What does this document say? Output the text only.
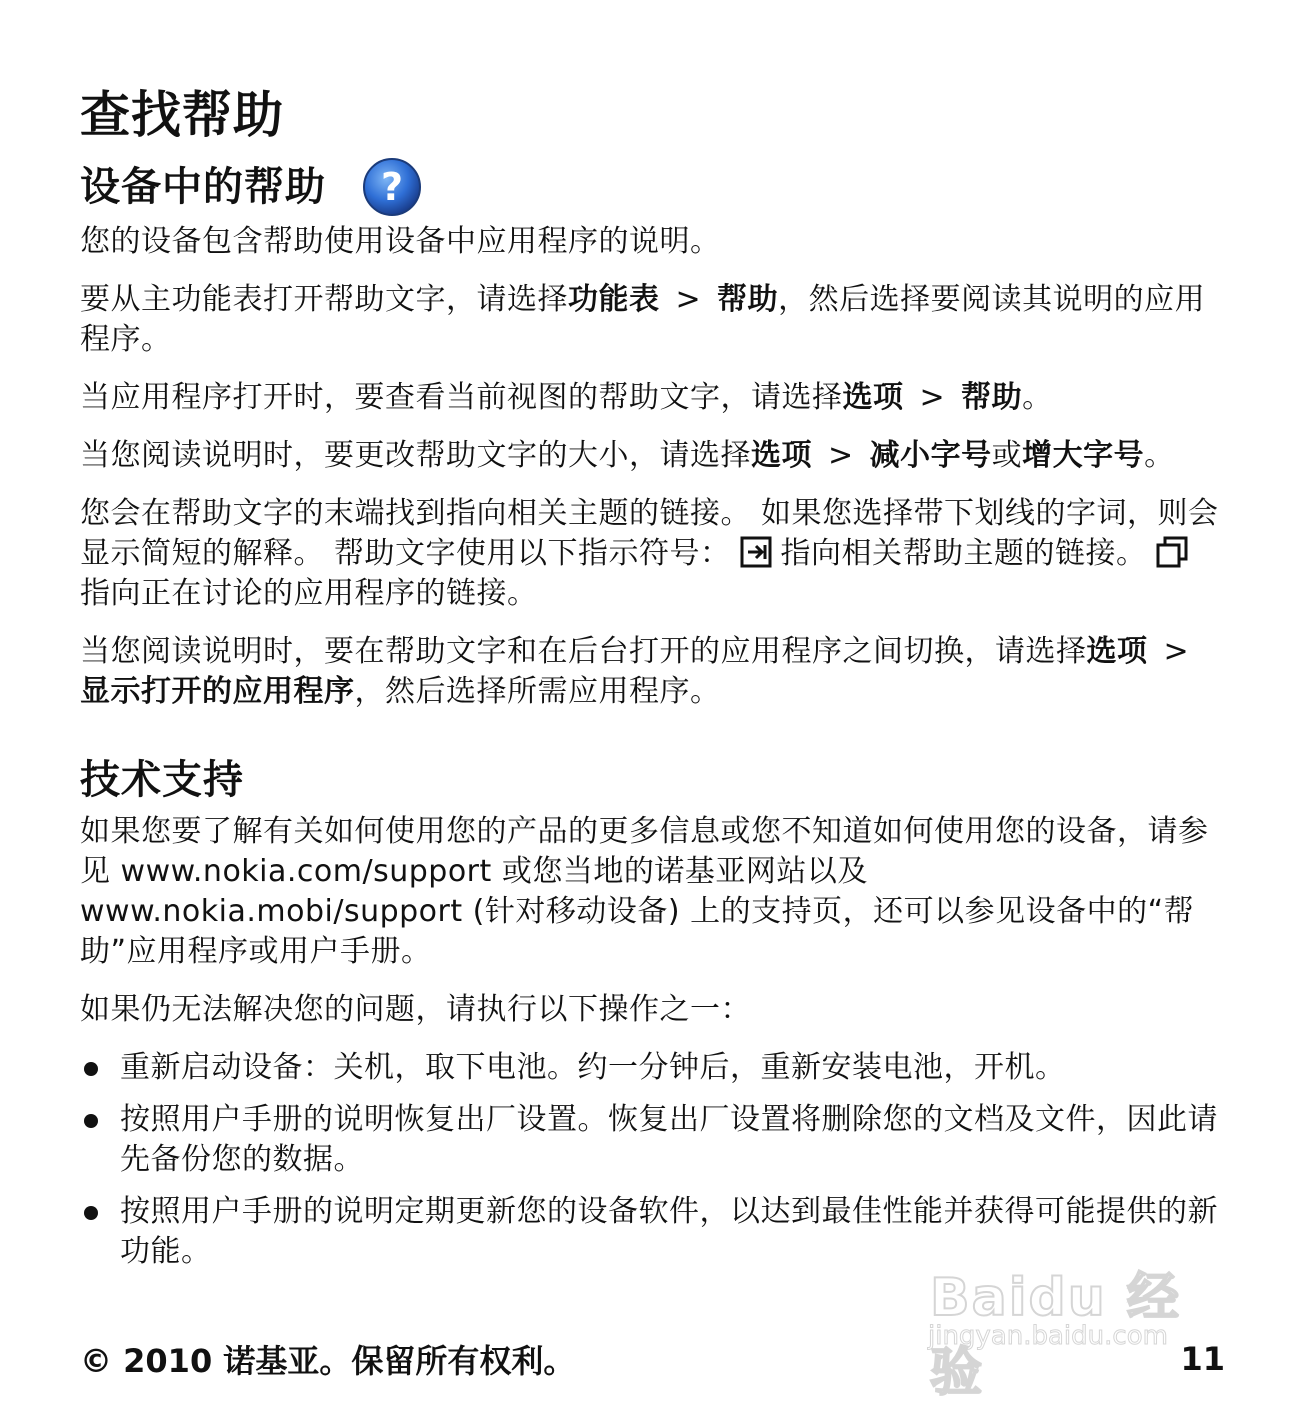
查找帮助
设备中的帮助 ?

您的设备包含帮助使用设备中应用程序的说明。

要从主功能表打开帮助文字，请选择功能表 > 帮助，然后选择要阅读其说明的应用程序。

当应用程序打开时，要查看当前视图的帮助文字，请选择选项 > 帮助。

当您阅读说明时，要更改帮助文字的大小，请选择选项 > 减小字号或增大字号。

您会在帮助文字的末端找到指向相关主题的链接。 如果您选择带下划线的字词，则会显示简短的解释。 帮助文字使用以下指示符号： 指向相关帮助主题的链接。指向正在讨论的应用程序的链接。

当您阅读说明时，要在帮助文字和在后台打开的应用程序之间切换，请选择选项 >显示打开的应用程序，然后选择所需应用程序。

技术支持

如果您要了解有关如何使用您的产品的更多信息或您不知道如何使用您的设备，请参见 www.nokia.com/support 或您当地的诺基亚网站以及 www.nokia.mobi/support (针对移动设备) 上的支持页，还可以参见设备中的“帮助”应用程序或用户手册。

如果仍无法解决您的问题，请执行以下操作之一：

重新启动设备：关机，取下电池。约一分钟后，重新安装电池，开机。
按照用户手册的说明恢复出厂设置。恢复出厂设置将删除您的文档及文件，因此请先备份您的数据。
按照用户手册的说明定期更新您的设备软件，以达到最佳性能并获得可能提供的新功能。
Baidu 经验
jingyan.baidu.com
© 2010 诺基亚。保留所有权利。	11
